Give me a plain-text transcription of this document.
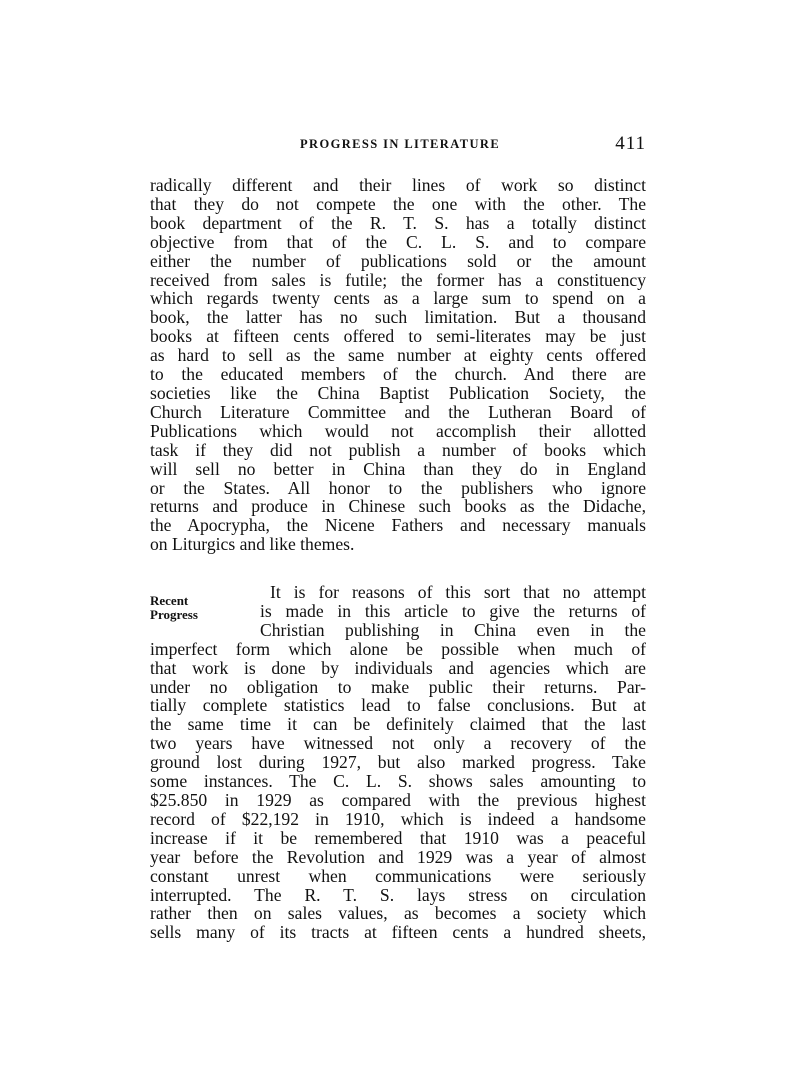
PROGRESS IN LITERATURE	411

radically different and their lines of work so distinct
that they do not compete the one with the other. The
book department of the R. T. S. has a totally distinct
objective from that of the C. L. S. and to compare
either the number of publications sold or the amount
received from sales is futile; the former has a constituency
which regards twenty cents as a large sum to spend on a
book, the latter has no such limitation. But a thousand
books at fifteen cents offered to semi-literates may be just
as hard to sell as the same number at eighty cents offered
to the educated members of the church. And there are
societies like the China Baptist Publication Society, the
Church Literature Committee and the Lutheran Board of
Publications which would not accomplish their allotted
task if they did not publish a number of books which
will sell no better in China than they do in England
or the States. All honor to the publishers who ignore
returns and produce in Chinese such books as the Didache,
the Apocrypha, the Nicene Fathers and necessary manuals
on Liturgics and like themes.

Recent
Progress

It is for reasons of this sort that no attempt
is made in this article to give the returns of
Christian publishing in China even in the
imperfect form which alone be possible when much of
that work is done by individuals and agencies which are
under no obligation to make public their returns. Par-
tially complete statistics lead to false conclusions. But at
the same time it can be definitely claimed that the last
two years have witnessed not only a recovery of the
ground lost during 1927, but also marked progress. Take
some instances. The C. L. S. shows sales amounting to
$25.850 in 1929 as compared with the previous highest
record of $22,192 in 1910, which is indeed a handsome
increase if it be remembered that 1910 was a peaceful
year before the Revolution and 1929 was a year of almost
constant unrest when communications were seriously
interrupted. The R. T. S. lays stress on circulation
rather then on sales values, as becomes a society which
sells many of its tracts at fifteen cents a hundred sheets,
